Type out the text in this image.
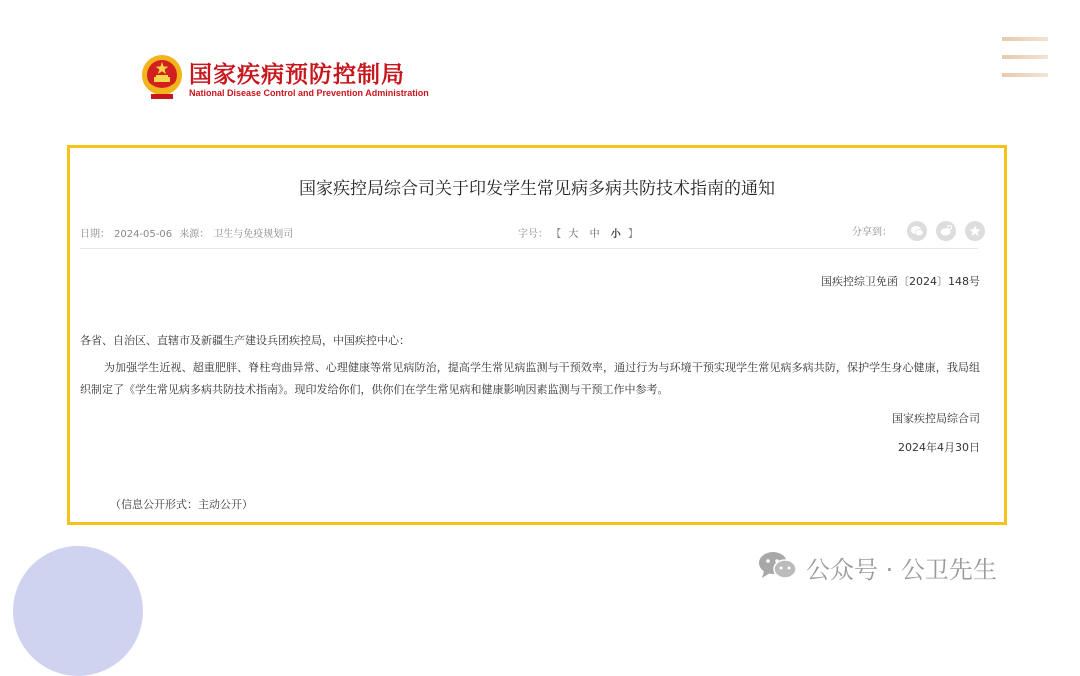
国家疾病预防控制局
National Disease Control and Prevention Administration
国家疾控局综合司关于印发学生常见病多病共防技术指南的通知
日期： 2024-05-06 来源： 卫生与免疫规划司	字号： 【 大 中 小 】	分享到：

国疾控综卫免函〔2024〕148号
各省、自治区、直辖市及新疆生产建设兵团疾控局，中国疾控中心：
为加强学生近视、超重肥胖、脊柱弯曲异常、心理健康等常见病防治，提高学生常见病监测与干预效率，通过行为与环境干预实现学生常见病多病共防，保护学生身心健康，我局组织制定了《学生常见病多病共防技术指南》。现印发给你们，供你们在学生常见病和健康影响因素监测与干预工作中参考。
国家疾控局综合司
2024年4月30日
（信息公开形式：主动公开）
公众号 · 公卫先生
